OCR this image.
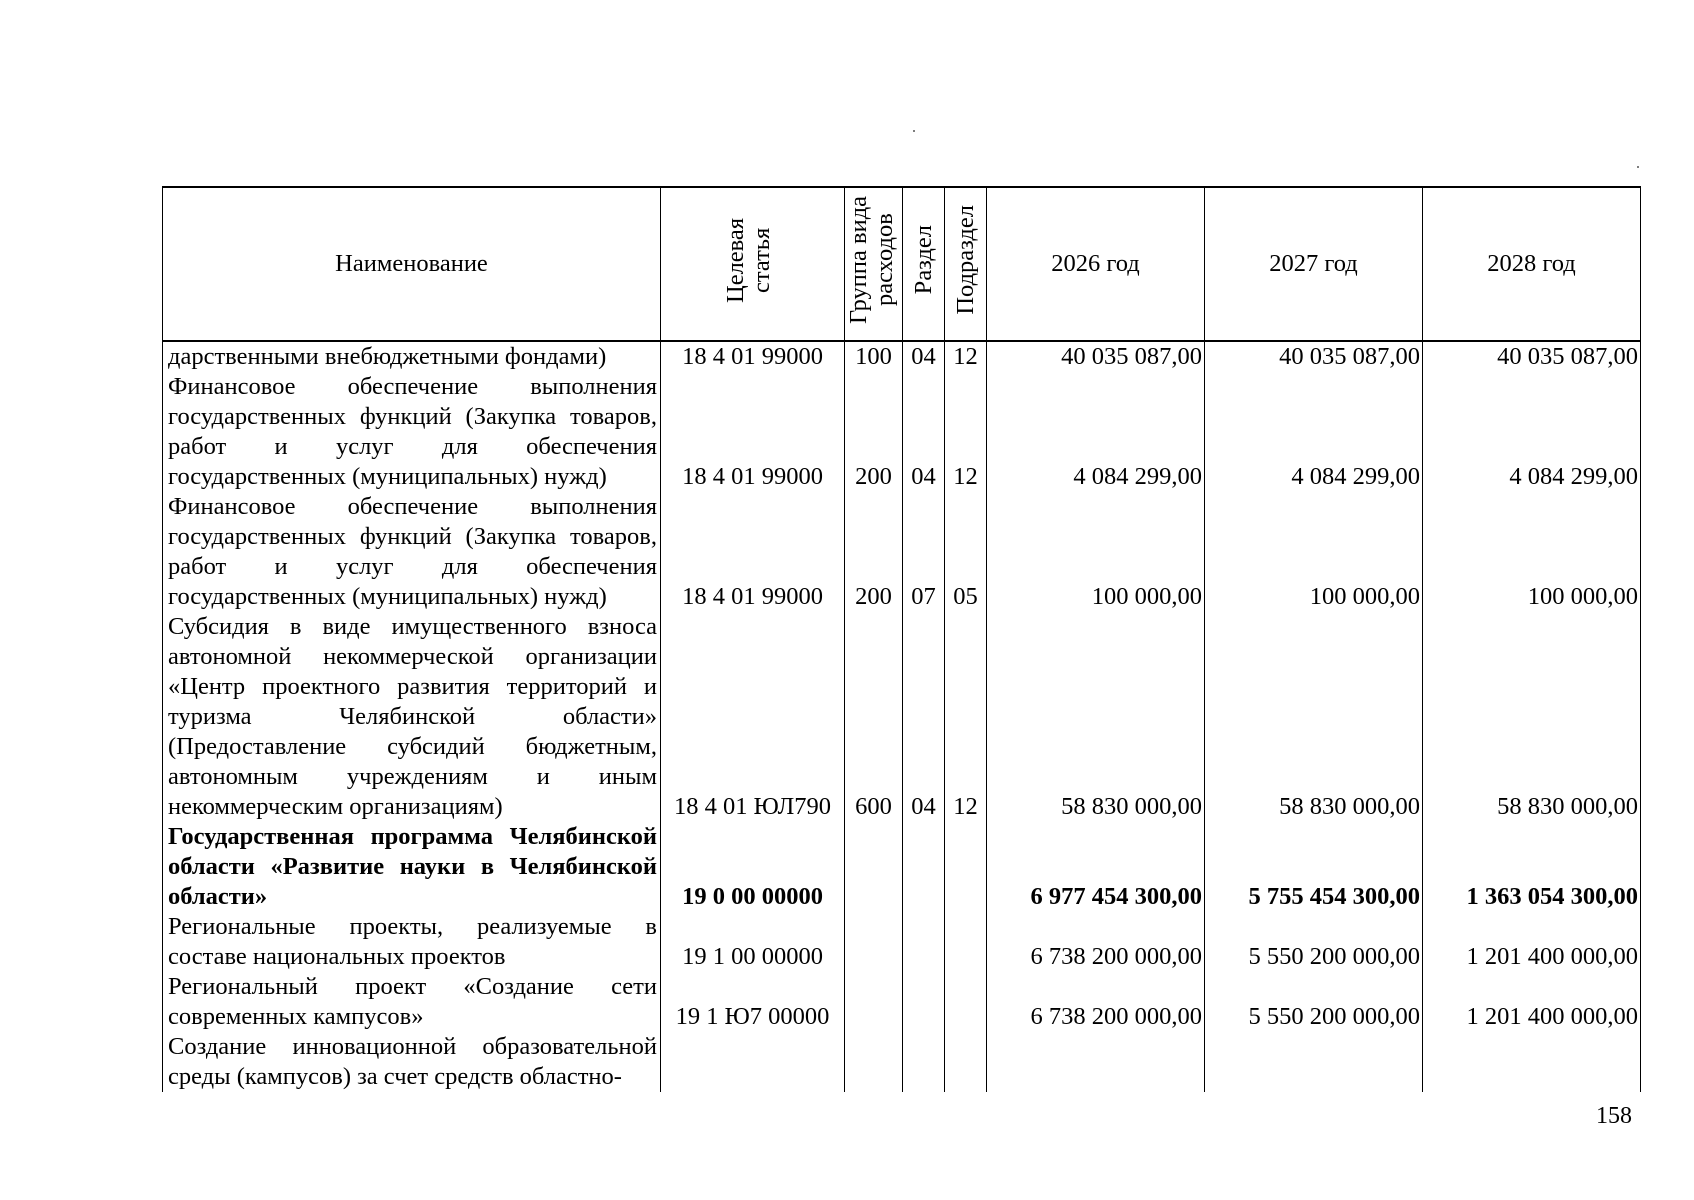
Наименование	Целевая статья	Группа вида расходов	Раздел	Подраздел	2026 год	2027 год	2028 год
дарственными внебюджетными фондами)	18 4 01 99000	100	04	12	40 035 087,00	40 035 087,00	40 035 087,00
Финансовое обеспечение выполнения государственных функций (Закупка товаров, работ и услуг для обеспечения государственных (муниципальных) нужд)	18 4 01 99000	200	04	12	4 084 299,00	4 084 299,00	4 084 299,00
Финансовое обеспечение выполнения государственных функций (Закупка товаров, работ и услуг для обеспечения государственных (муниципальных) нужд)	18 4 01 99000	200	07	05	100 000,00	100 000,00	100 000,00
Субсидия в виде имущественного взноса автономной некоммерческой организации «Центр проектного развития территорий и туризма Челябинской области» (Предоставление субсидий бюджетным, автономным учреждениям и иным некоммерческим организациям)	18 4 01 ЮЛ790	600	04	12	58 830 000,00	58 830 000,00	58 830 000,00
Государственная программа Челябинской области «Развитие науки в Челябинской области»	19 0 00 00000				6 977 454 300,00	5 755 454 300,00	1 363 054 300,00
Региональные проекты, реализуемые в составе национальных проектов	19 1 00 00000				6 738 200 000,00	5 550 200 000,00	1 201 400 000,00
Региональный проект «Создание сети современных кампусов»	19 1 Ю7 00000				6 738 200 000,00	5 550 200 000,00	1 201 400 000,00
Создание инновационной образовательной среды (кампусов) за счет средств областно-							
158
